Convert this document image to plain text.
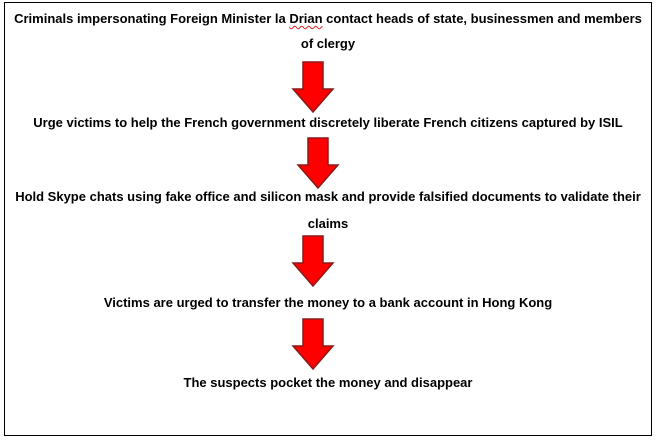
Criminals impersonating Foreign Minister la Drian contact heads of state, businessmen and members
of clergy
Urge victims to help the French government discretely liberate French citizens captured by ISIL
Hold Skype chats using fake office and silicon mask and provide falsified documents to validate their
claims
Victims are urged to transfer the money to a bank account in Hong Kong
The suspects pocket the money and disappear
